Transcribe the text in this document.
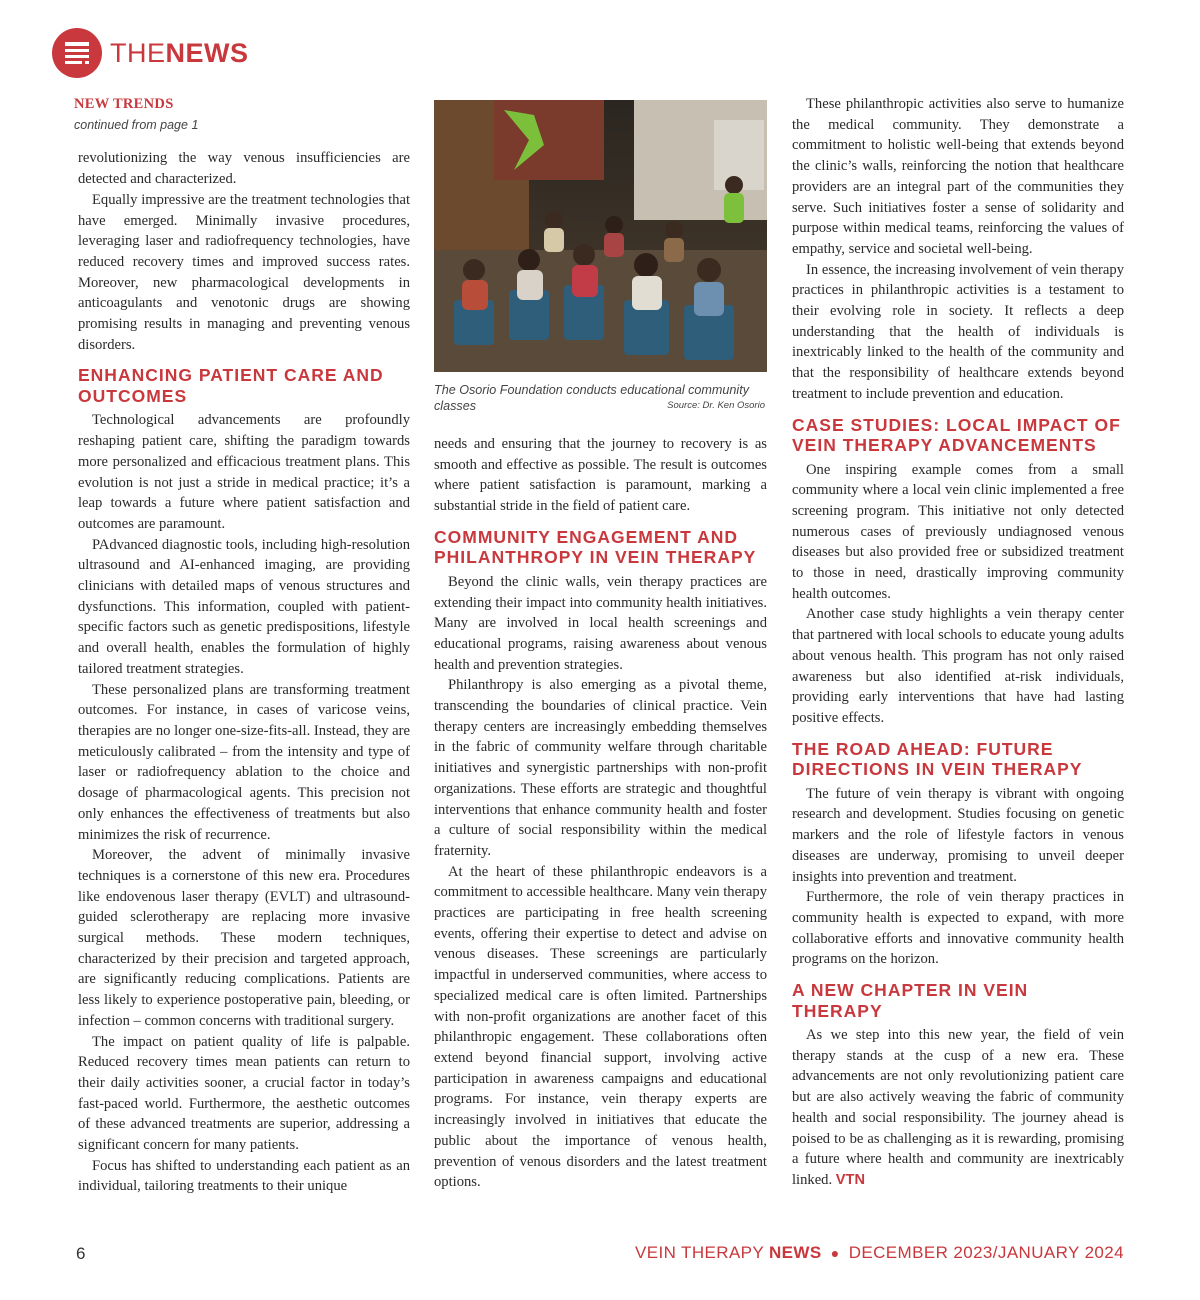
THENEWS
NEW TRENDS
continued from page 1

revolutionizing the way venous insufficiencies are detected and characterized.

Equally impressive are the treatment technologies that have emerged. Minimally invasive procedures, leveraging laser and radiofrequency technologies, have reduced recovery times and improved success rates. Moreover, new pharmacological developments in anticoagulants and venotonic drugs are showing promising results in managing and preventing venous disorders.

ENHANCING PATIENT CARE AND OUTCOMES

Technological advancements are profoundly reshaping patient care, shifting the paradigm towards more personalized and efficacious treatment plans. This evolution is not just a stride in medical practice; it’s a leap towards a future where patient satisfaction and outcomes are paramount.

PAdvanced diagnostic tools, including high-resolution ultrasound and AI-enhanced imaging, are providing clinicians with detailed maps of venous structures and dysfunctions. This information, coupled with patient-specific factors such as genetic predispositions, lifestyle and overall health, enables the formulation of highly tailored treatment strategies.

These personalized plans are transforming treatment outcomes. For instance, in cases of varicose veins, therapies are no longer one-size-fits-all. Instead, they are meticulously calibrated – from the intensity and type of laser or radiofrequency ablation to the choice and dosage of pharmacological agents. This precision not only enhances the effectiveness of treatments but also minimizes the risk of recurrence.

Moreover, the advent of minimally invasive techniques is a cornerstone of this new era. Procedures like endovenous laser therapy (EVLT) and ultrasound-guided sclerotherapy are replacing more invasive surgical methods. These modern techniques, characterized by their precision and targeted approach, are significantly reducing complications. Patients are less likely to experience postoperative pain, bleeding, or infection – common concerns with traditional surgery.

The impact on patient quality of life is palpable. Reduced recovery times mean patients can return to their daily activities sooner, a crucial factor in today’s fast-paced world. Furthermore, the aesthetic outcomes of these advanced treatments are superior, addressing a significant concern for many patients.

Focus has shifted to understanding each patient as an individual, tailoring treatments to their unique

The Osorio Foundation conducts educational community classes	Source: Dr. Ken Osorio

needs and ensuring that the journey to recovery is as smooth and effective as possible. The result is outcomes where patient satisfaction is paramount, marking a substantial stride in the field of patient care.

COMMUNITY ENGAGEMENT AND PHILANTHROPY IN VEIN THERAPY

Beyond the clinic walls, vein therapy practices are extending their impact into community health initiatives. Many are involved in local health screenings and educational programs, raising awareness about venous health and prevention strategies.

Philanthropy is also emerging as a pivotal theme, transcending the boundaries of clinical practice. Vein therapy centers are increasingly embedding themselves in the fabric of community welfare through charitable initiatives and synergistic partnerships with non-profit organizations. These efforts are strategic and thoughtful interventions that enhance community health and foster a culture of social responsibility within the medical fraternity.

At the heart of these philanthropic endeavors is a commitment to accessible healthcare. Many vein therapy practices are participating in free health screening events, offering their expertise to detect and advise on venous diseases. These screenings are particularly impactful in underserved communities, where access to specialized medical care is often limited. Partnerships with non-profit organizations are another facet of this philanthropic engagement. These collaborations often extend beyond financial support, involving active participation in awareness campaigns and educational programs. For instance, vein therapy experts are increasingly involved in initiatives that educate the public about the importance of venous health, prevention of venous disorders and the latest treatment options.

These philanthropic activities also serve to humanize the medical community. They demonstrate a commitment to holistic well-being that extends beyond the clinic’s walls, reinforcing the notion that healthcare providers are an integral part of the communities they serve. Such initiatives foster a sense of solidarity and purpose within medical teams, reinforcing the values of empathy, service and societal well-being.

In essence, the increasing involvement of vein therapy practices in philanthropic activities is a testament to their evolving role in society. It reflects a deep understanding that the health of individuals is inextricably linked to the health of the community and that the responsibility of healthcare extends beyond treatment to include prevention and education.

CASE STUDIES: LOCAL IMPACT OF VEIN THERAPY ADVANCEMENTS

One inspiring example comes from a small community where a local vein clinic implemented a free screening program. This initiative not only detected numerous cases of previously undiagnosed venous diseases but also provided free or subsidized treatment to those in need, drastically improving community health outcomes.

Another case study highlights a vein therapy center that partnered with local schools to educate young adults about venous health. This program has not only raised awareness but also identified at-risk individuals, providing early interventions that have had lasting positive effects.

THE ROAD AHEAD: FUTURE DIRECTIONS IN VEIN THERAPY

The future of vein therapy is vibrant with ongoing research and development. Studies focusing on genetic markers and the role of lifestyle factors in venous diseases are underway, promising to unveil deeper insights into prevention and treatment.

Furthermore, the role of vein therapy practices in community health is expected to expand, with more collaborative efforts and innovative community health programs on the horizon.

A NEW CHAPTER IN VEIN THERAPY

As we step into this new year, the field of vein therapy stands at the cusp of a new era. These advancements are not only revolutionizing patient care but are also actively weaving the fabric of community health and social responsibility. The journey ahead is poised to be as challenging as it is rewarding, promising a future where health and community are inextricably linked. VTN

6	VEIN THERAPY NEWS ● DECEMBER 2023/JANUARY 2024
